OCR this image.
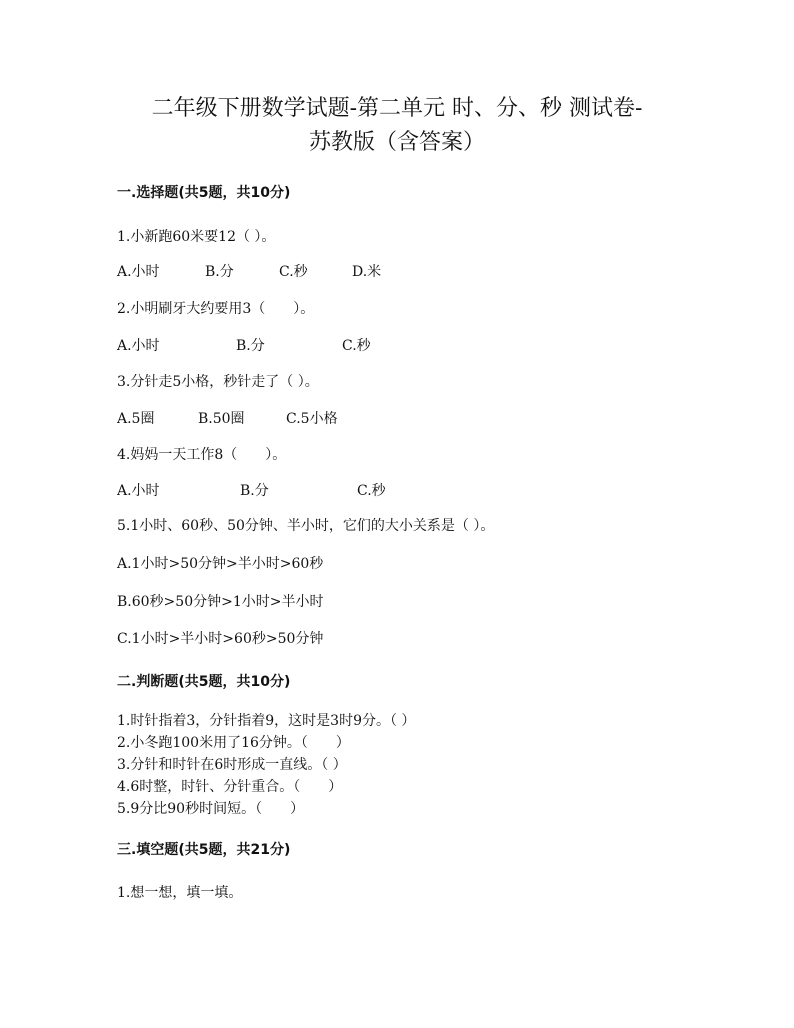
二年级下册数学试题-第二单元 时、分、秒 测试卷-
苏教版（含答案）
一.选择题(共5题，共10分)
1.小新跑60米要12（ ）。
A.小时	B.分	C.秒	D.米
2.小明刷牙大约要用3（　　）。
A.小时	B.分	C.秒
3.分针走5小格，秒针走了（ ）。
A.5圈	B.50圈	C.5小格
4.妈妈一天工作8（　　）。
A.小时	B.分	C.秒
5.1小时、60秒、50分钟、半小时，它们的大小关系是（ ）。
A.1小时>50分钟>半小时>60秒
B.60秒>50分钟>1小时>半小时
C.1小时>半小时>60秒>50分钟
二.判断题(共5题，共10分)
1.时针指着3，分针指着9，这时是3时9分。（ ）
2.小冬跑100米用了16分钟。（　　）
3.分针和时针在6时形成一直线。（ ）
4.6时整，时针、分针重合。（　　）
5.9分比90秒时间短。（　　）
三.填空题(共5题，共21分)
1.想一想，填一填。
